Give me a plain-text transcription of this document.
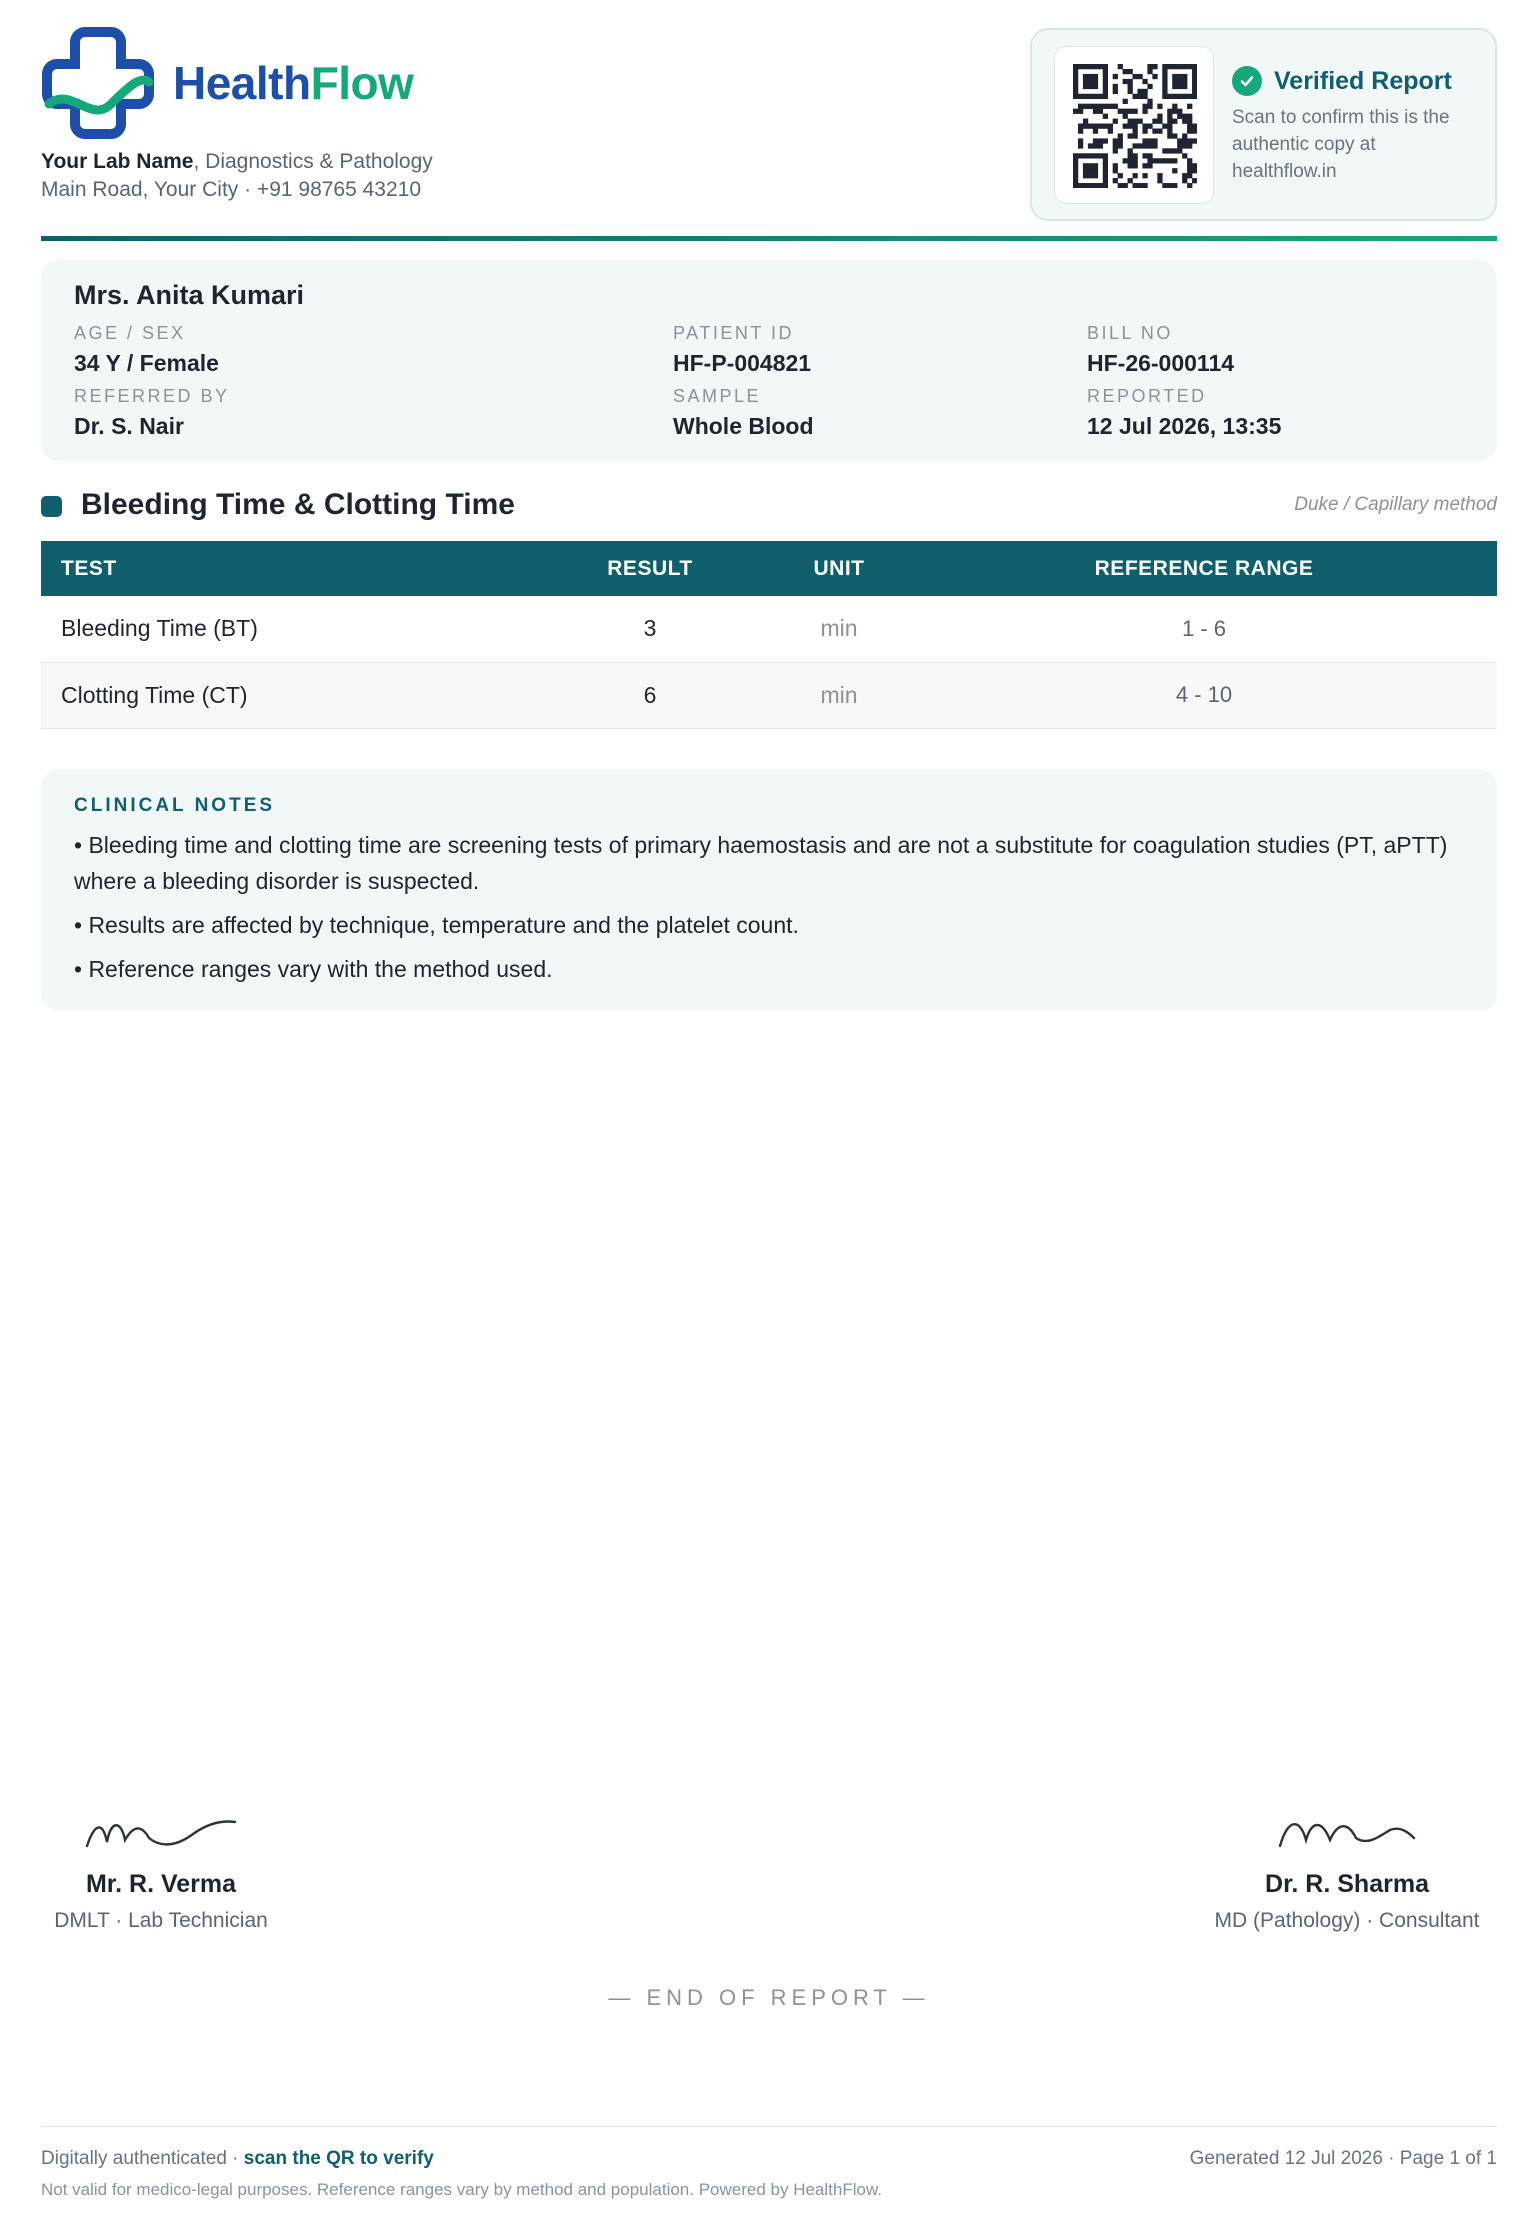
HealthFlow
Your Lab Name, Diagnostics & Pathology
Main Road, Your City · +91 98765 43210
Verified Report
Scan to confirm this is the authentic copy at healthflow.in
Mrs. Anita Kumari
AGE / SEX
34 Y / Female
PATIENT ID
HF-P-004821
BILL NO
HF-26-000114
REFERRED BY
Dr. S. Nair
SAMPLE
Whole Blood
REPORTED
12 Jul 2026, 13:35
Bleeding Time & Clotting Time	Duke / Capillary method
TEST	RESULT	UNIT	REFERENCE RANGE
Bleeding Time (BT)	3	min	1 - 6
Clotting Time (CT)	6	min	4 - 10
CLINICAL NOTES
• Bleeding time and clotting time are screening tests of primary haemostasis and are not a substitute for coagulation studies (PT, aPTT) where a bleeding disorder is suspected.
• Results are affected by technique, temperature and the platelet count.
• Reference ranges vary with the method used.
Mr. R. Verma
DMLT · Lab Technician
Dr. R. Sharma
MD (Pathology) · Consultant
— END OF REPORT —
Digitally authenticated · scan the QR to verify
Not valid for medico-legal purposes. Reference ranges vary by method and population. Powered by HealthFlow.
Generated 12 Jul 2026 · Page 1 of 1
